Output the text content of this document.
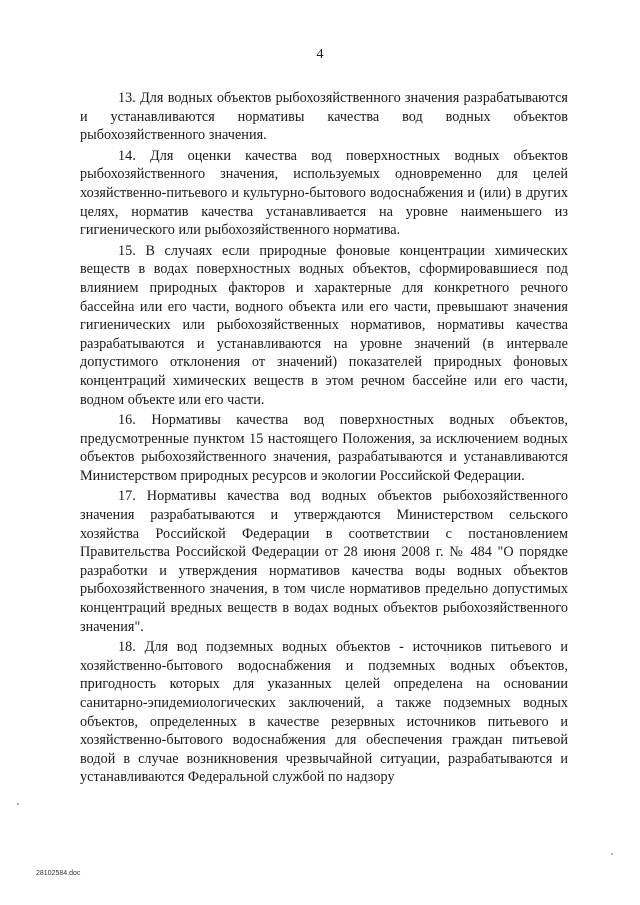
4

13. Для водных объектов рыбохозяйственного значения разрабатываются и устанавливаются нормативы качества вод водных объектов рыбохозяйственного значения.

14. Для оценки качества вод поверхностных водных объектов рыбохозяйственного значения, используемых одновременно для целей хозяйственно-питьевого и культурно-бытового водоснабжения и (или) в других целях, норматив качества устанавливается на уровне наименьшего из гигиенического или рыбохозяйственного норматива.

15. В случаях если природные фоновые концентрации химических веществ в водах поверхностных водных объектов, сформировавшиеся под влиянием природных факторов и характерные для конкретного речного бассейна или его части, водного объекта или его части, превышают значения гигиенических или рыбохозяйственных нормативов, нормативы качества разрабатываются и устанавливаются на уровне значений (в интервале допустимого отклонения от значений) показателей природных фоновых концентраций химических веществ в этом речном бассейне или его части, водном объекте или его части.

16. Нормативы качества вод поверхностных водных объектов, предусмотренные пунктом 15 настоящего Положения, за исключением водных объектов рыбохозяйственного значения, разрабатываются и устанавливаются Министерством природных ресурсов и экологии Российской Федерации.

17. Нормативы качества вод водных объектов рыбохозяйственного значения разрабатываются и утверждаются Министерством сельского хозяйства Российской Федерации в соответствии с постановлением Правительства Российской Федерации от 28 июня 2008 г. № 484 "О порядке разработки и утверждения нормативов качества воды водных объектов рыбохозяйственного значения, в том числе нормативов предельно допустимых концентраций вредных веществ в водах водных объектов рыбохозяйственного значения".

18. Для вод подземных водных объектов - источников питьевого и хозяйственно-бытового водоснабжения и подземных водных объектов, пригодность которых для указанных целей определена на основании санитарно-эпидемиологических заключений, а также подземных водных объектов, определенных в качестве резервных источников питьевого и хозяйственно-бытового водоснабжения для обеспечения граждан питьевой водой в случае возникновения чрезвычайной ситуации, разрабатываются и устанавливаются Федеральной службой по надзору

28102584.doc
